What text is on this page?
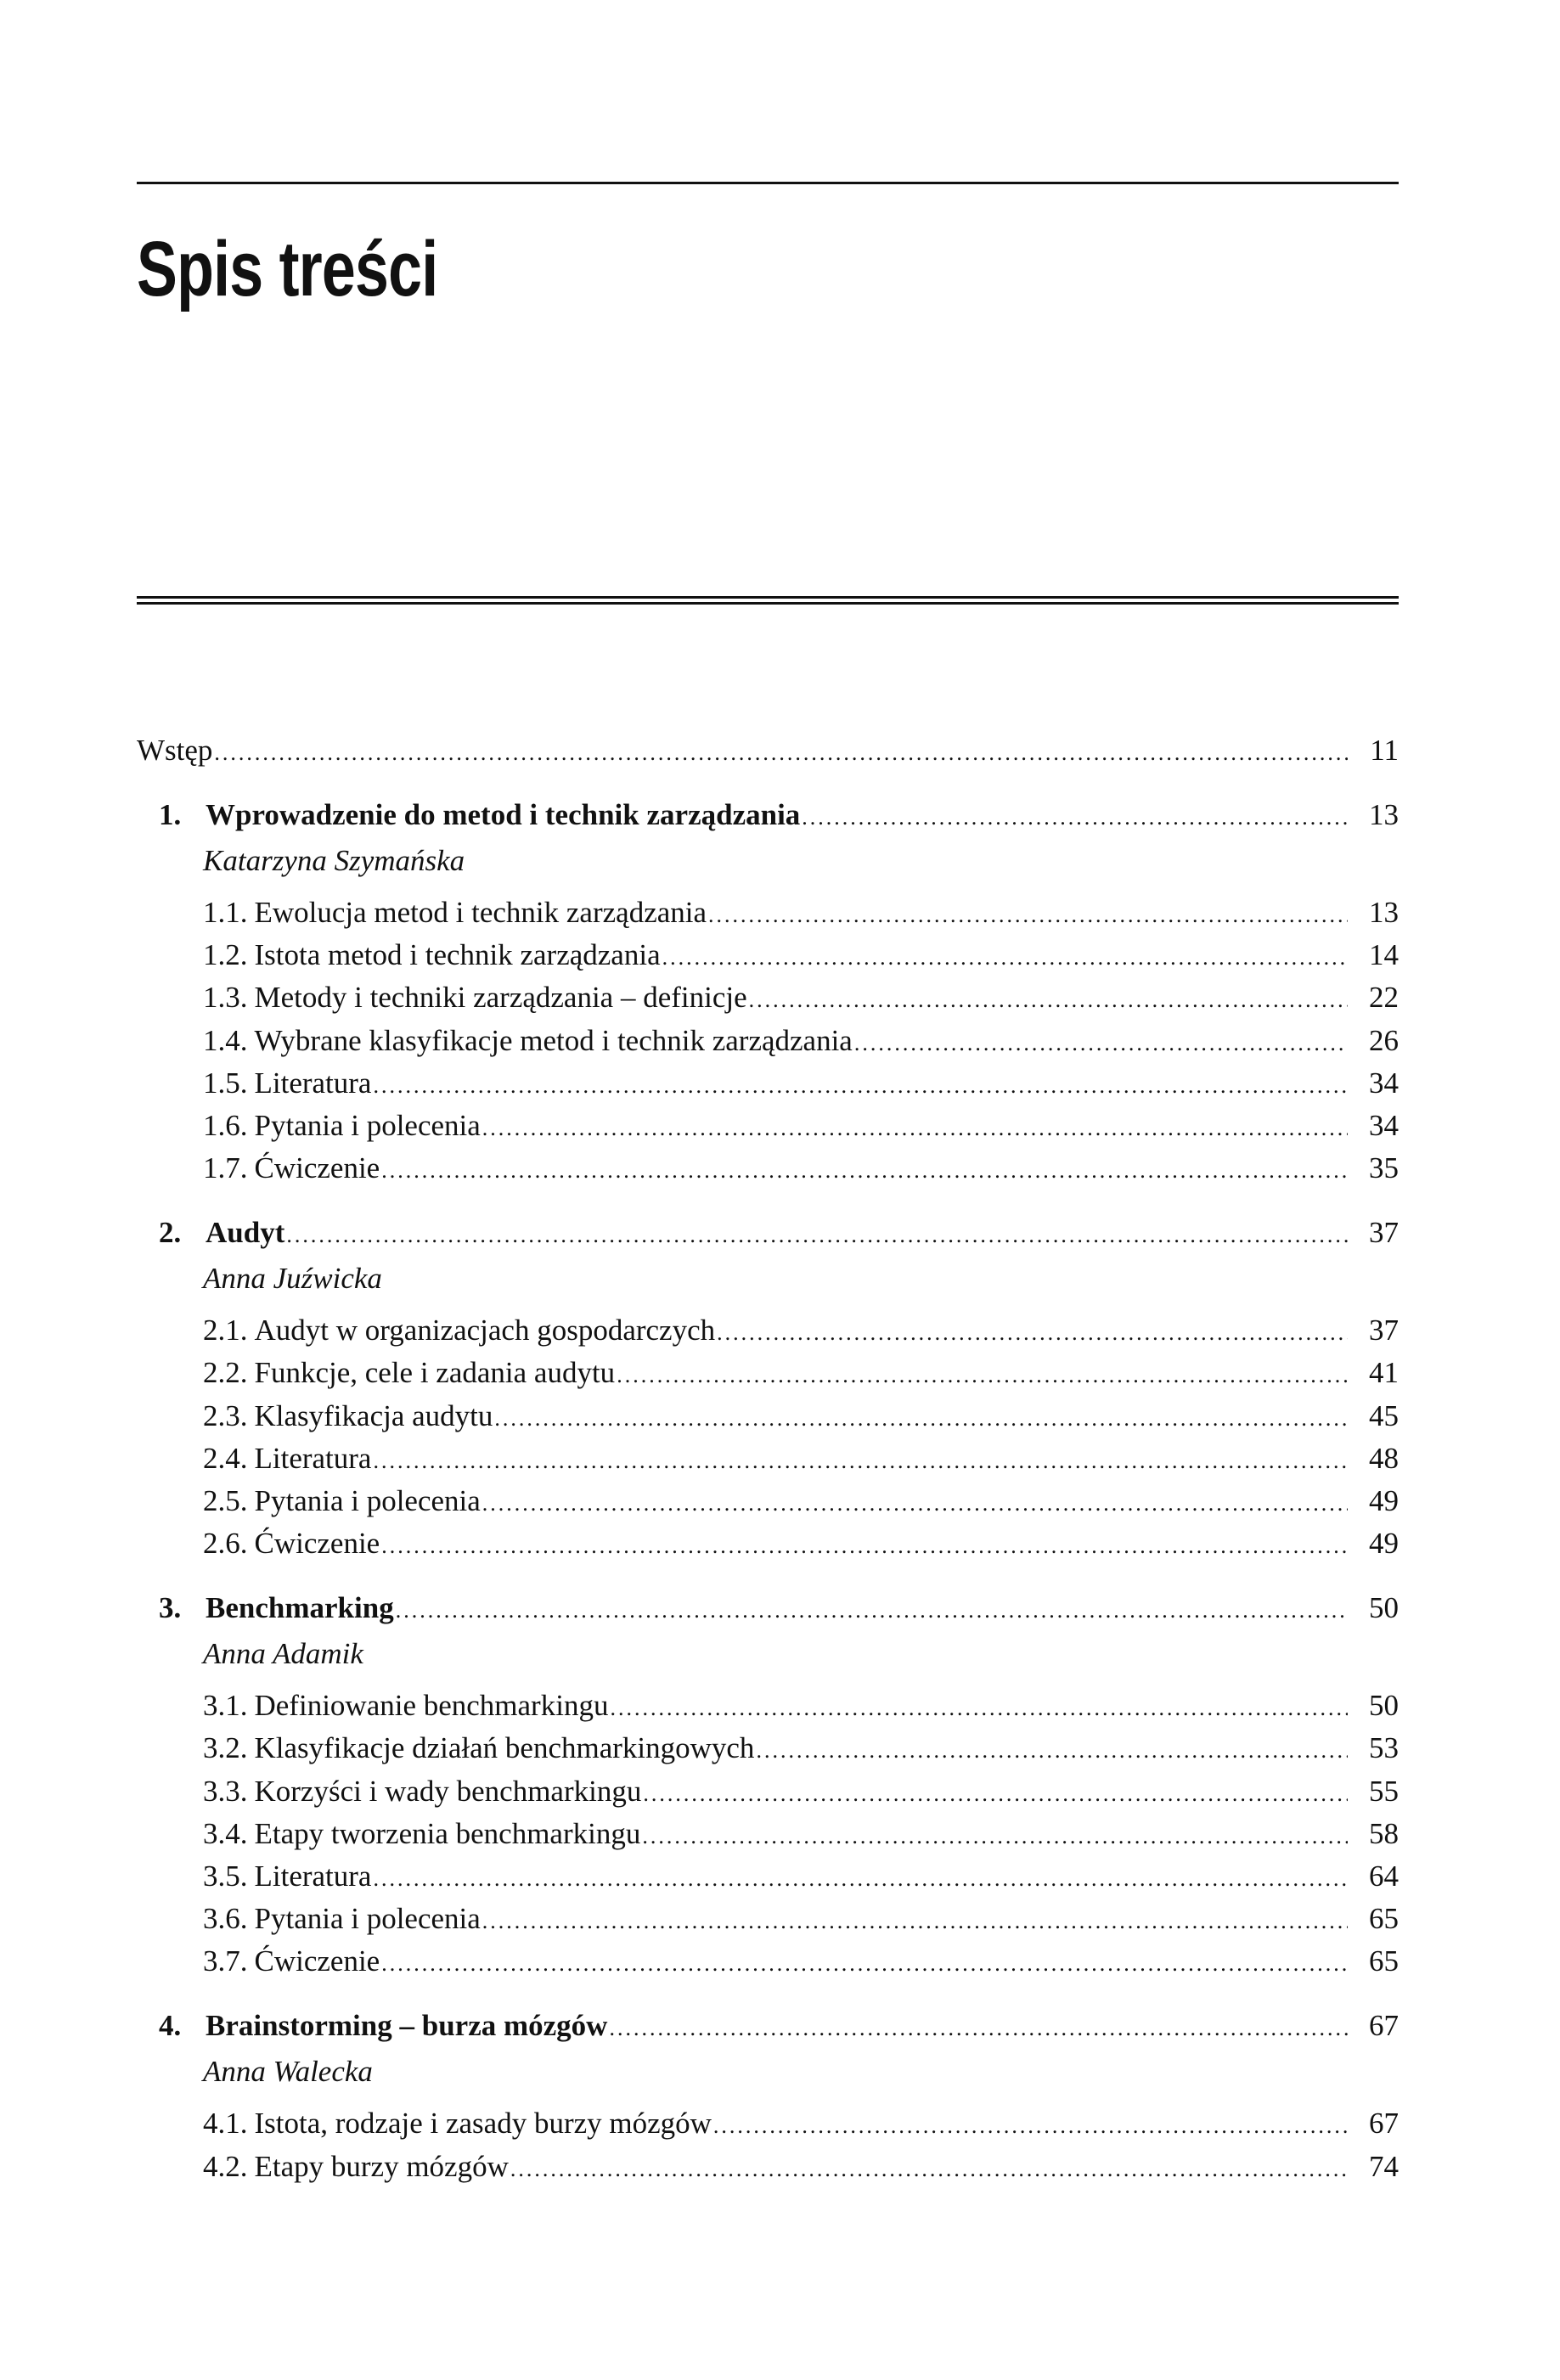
Spis treści
Wstęp .....	11
1. Wprowadzenie do metod i technik zarządzania .....	13
Katarzyna Szymańska
1.1. Ewolucja metod i technik zarządzania .....	13
1.2. Istota metod i technik zarządzania .....	14
1.3. Metody i techniki zarządzania – definicje .....	22
1.4. Wybrane klasyfikacje metod i technik zarządzania .....	26
1.5. Literatura .....	34
1.6. Pytania i polecenia .....	34
1.7. Ćwiczenie .....	35
2. Audyt .....	37
Anna Juźwicka
2.1. Audyt w organizacjach gospodarczych .....	37
2.2. Funkcje, cele i zadania audytu .....	41
2.3. Klasyfikacja audytu .....	45
2.4. Literatura .....	48
2.5. Pytania i polecenia .....	49
2.6. Ćwiczenie .....	49
3. Benchmarking .....	50
Anna Adamik
3.1. Definiowanie benchmarkingu .....	50
3.2. Klasyfikacje działań benchmarkingowych .....	53
3.3. Korzyści i wady benchmarkingu .....	55
3.4. Etapy tworzenia benchmarkingu .....	58
3.5. Literatura .....	64
3.6. Pytania i polecenia .....	65
3.7. Ćwiczenie .....	65
4. Brainstorming – burza mózgów .....	67
Anna Walecka
4.1. Istota, rodzaje i zasady burzy mózgów .....	67
4.2. Etapy burzy mózgów .....	74
